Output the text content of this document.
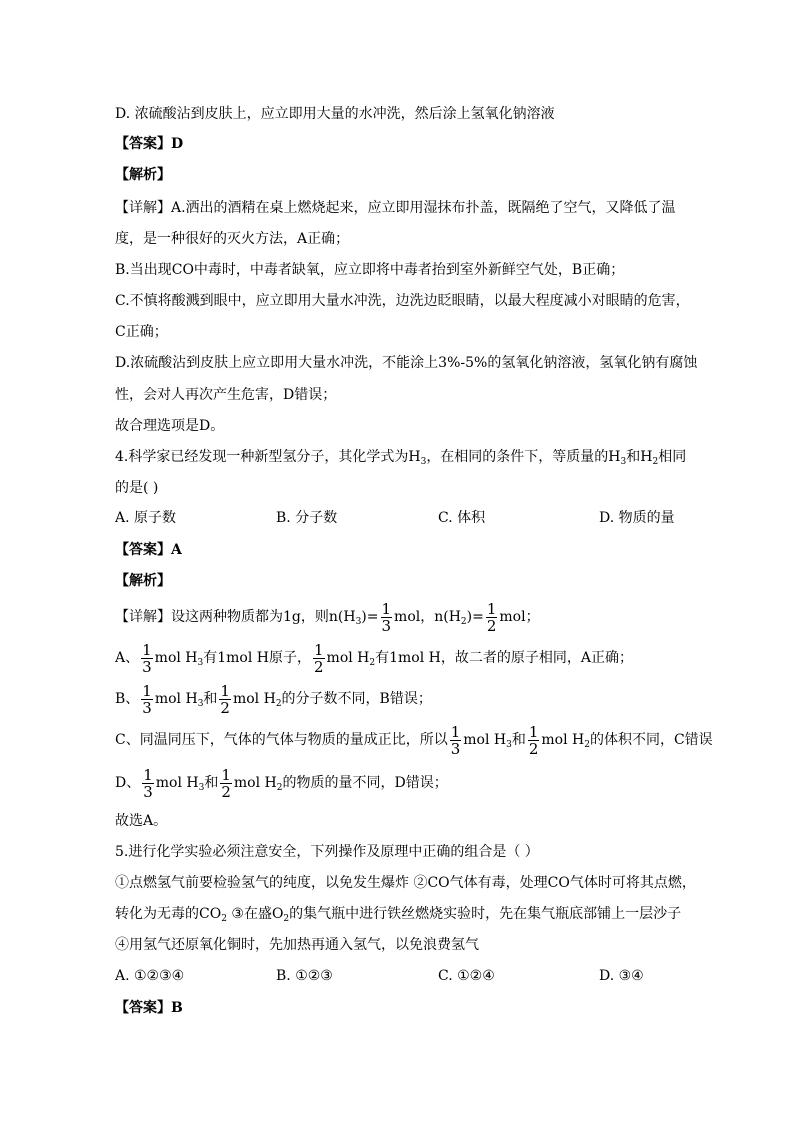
D. 浓硫酸沾到皮肤上，应立即用大量的水冲洗，然后涂上氢氧化钠溶液
【答案】D
【解析】
【详解】A.洒出的酒精在桌上燃烧起来，应立即用湿抹布扑盖，既隔绝了空气，又降低了温
度，是一种很好的灭火方法，A正确；
B.当出现CO中毒时，中毒者缺氧，应立即将中毒者抬到室外新鲜空气处，B正确；
C.不慎将酸溅到眼中，应立即用大量水冲洗，边洗边眨眼睛，以最大程度减小对眼睛的危害，
C正确；
D.浓硫酸沾到皮肤上应立即用大量水冲洗，不能涂上3%-5%的氢氧化钠溶液，氢氧化钠有腐蚀
性，会对人再次产生危害，D错误；
故合理选项是D。
4.科学家已经发现一种新型氢分子，其化学式为$H_3$，在相同的条件下，等质量的$H_3$和$H_2$相同
的是( )
A. 原子数	B. 分子数	C. 体积	D. 物质的量
【答案】A
【解析】
【详解】设这两种物质都为1g，则$n(H_3)= \frac{1}{3}$ mol，$n(H_2)= \frac{1}{2}$ mol；
A、 $\frac{1}{3}$ mol $H_3$有1mol H原子， $\frac{1}{2}$ mol $H_2$有1mol H，故二者的原子相同，A正确；
B、 $\frac{1}{3}$ mol $H_3$和 $\frac{1}{2}$ mol $H_2$的分子数不同，B错误；
C、同温同压下，气体的气体与物质的量成正比，所以 $\frac{1}{3}$ mol $H_3$和 $\frac{1}{2}$ mol $H_2$的体积不同，C错误
D、 $\frac{1}{3}$ mol $H_3$和 $\frac{1}{2}$ mol $H_2$的物质的量不同，D错误；
故选A。
5.进行化学实验必须注意安全，下列操作及原理中正确的组合是（ ）
①点燃氢气前要检验氢气的纯度，以免发生爆炸 ②CO气体有毒，处理CO气体时可将其点燃，
转化为无毒的$CO_2$ ③在盛$O_2$的集气瓶中进行铁丝燃烧实验时，先在集气瓶底部铺上一层沙子
④用氢气还原氧化铜时，先加热再通入氢气，以免浪费氢气
A. ①②③④	B. ①②③	C. ①②④	D. ③④
【答案】B
